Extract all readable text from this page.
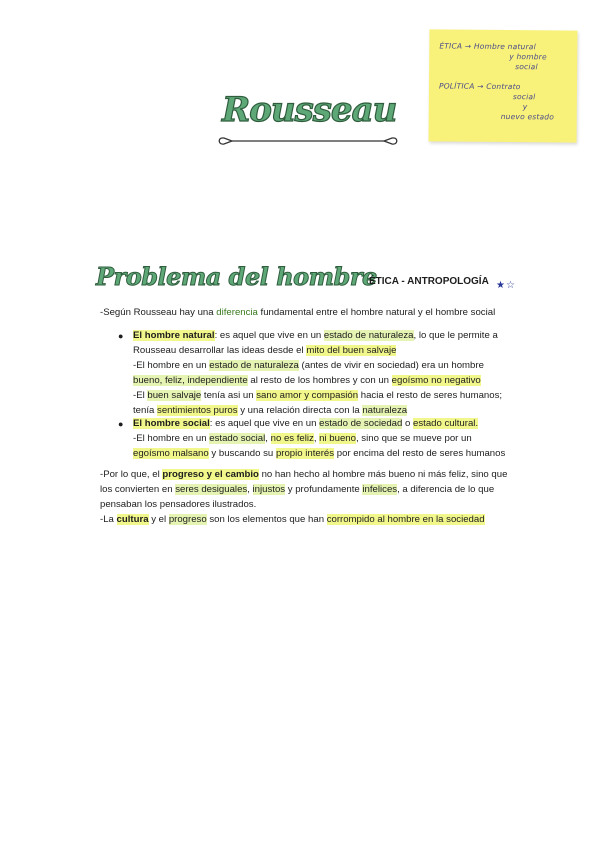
ÉTICA → Hombre natural
y hombre
social
POLÍTICA → Contrato
social
y
nuevo estado
Rousseau
Problema del hombre
ÉTICA - ANTROPOLOGÍA ★☆
-Según Rousseau hay una diferencia fundamental entre el hombre natural y el hombre social
● El hombre natural: es aquel que vive en un estado de naturaleza, lo que le permite a
Rousseau desarrollar las ideas desde el mito del buen salvaje
-El hombre en un estado de naturaleza (antes de vivir en sociedad) era un hombre
bueno, feliz, independiente al resto de los hombres y con un egoísmo no negativo
-El buen salvaje tenía asi un sano amor y compasión hacia el resto de seres humanos;
tenía sentimientos puros y una relación directa con la naturaleza
● El hombre social: es aquel que vive en un estado de sociedad o estado cultural.
-El hombre en un estado social, no es feliz, ni bueno, sino que se mueve por un
egoísmo malsano y buscando su propio interés por encima del resto de seres humanos
-Por lo que, el progreso y el cambio no han hecho al hombre más bueno ni más feliz, sino que
los convierten en seres desiguales, injustos y profundamente infelices, a diferencia de lo que
pensaban los pensadores ilustrados.
-La cultura y el progreso son los elementos que han corrompido al hombre en la sociedad
